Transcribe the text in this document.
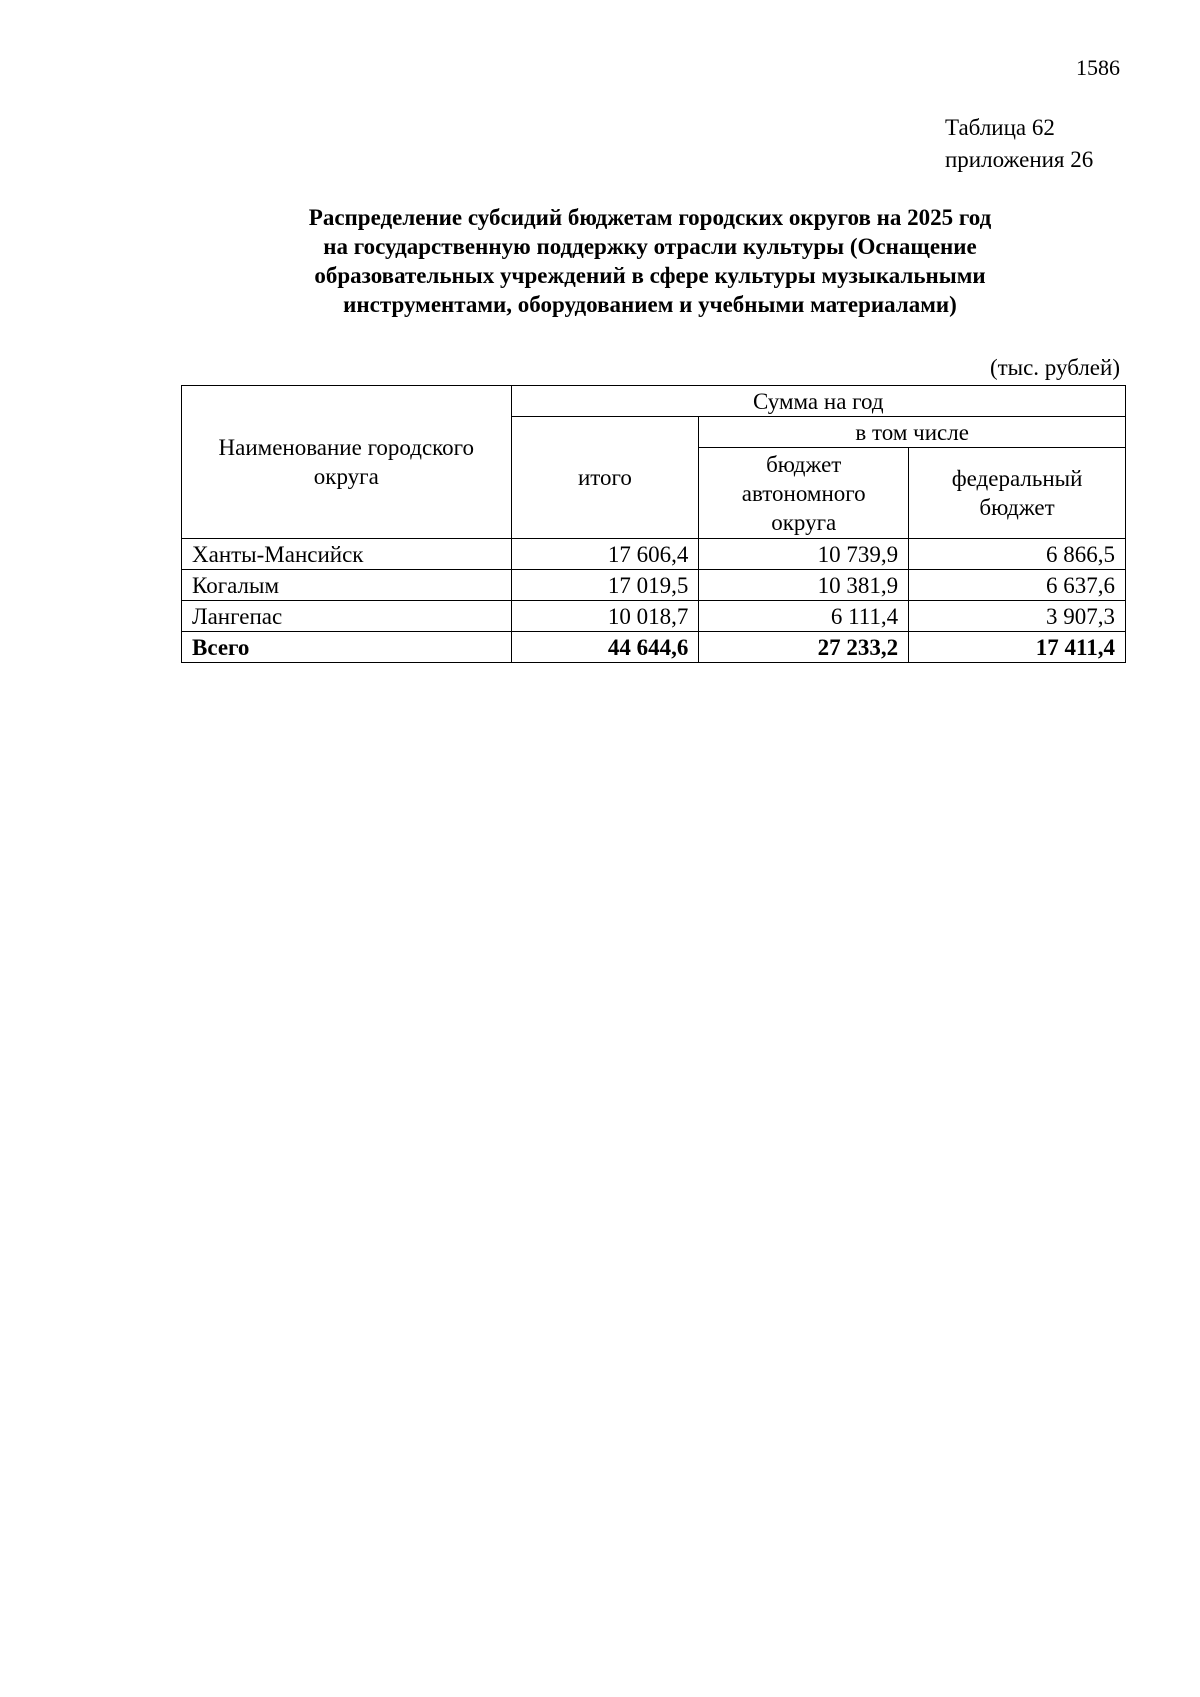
1586
Таблица 62
приложения 26
Распределение субсидий бюджетам городских округов на 2025 год
на государственную поддержку отрасли культуры (Оснащение
образовательных учреждений в сфере культуры музыкальными
инструментами, оборудованием и учебными материалами)
(тыс. рублей)
Наименование городского округа	Сумма на год		
	итого	в том числе	
		бюджет автономного округа	федеральный бюджет
Ханты-Мансийск	17 606,4	10 739,9	6 866,5
Когалым	17 019,5	10 381,9	6 637,6
Лангепас	10 018,7	6 111,4	3 907,3
Всего	44 644,6	27 233,2	17 411,4
